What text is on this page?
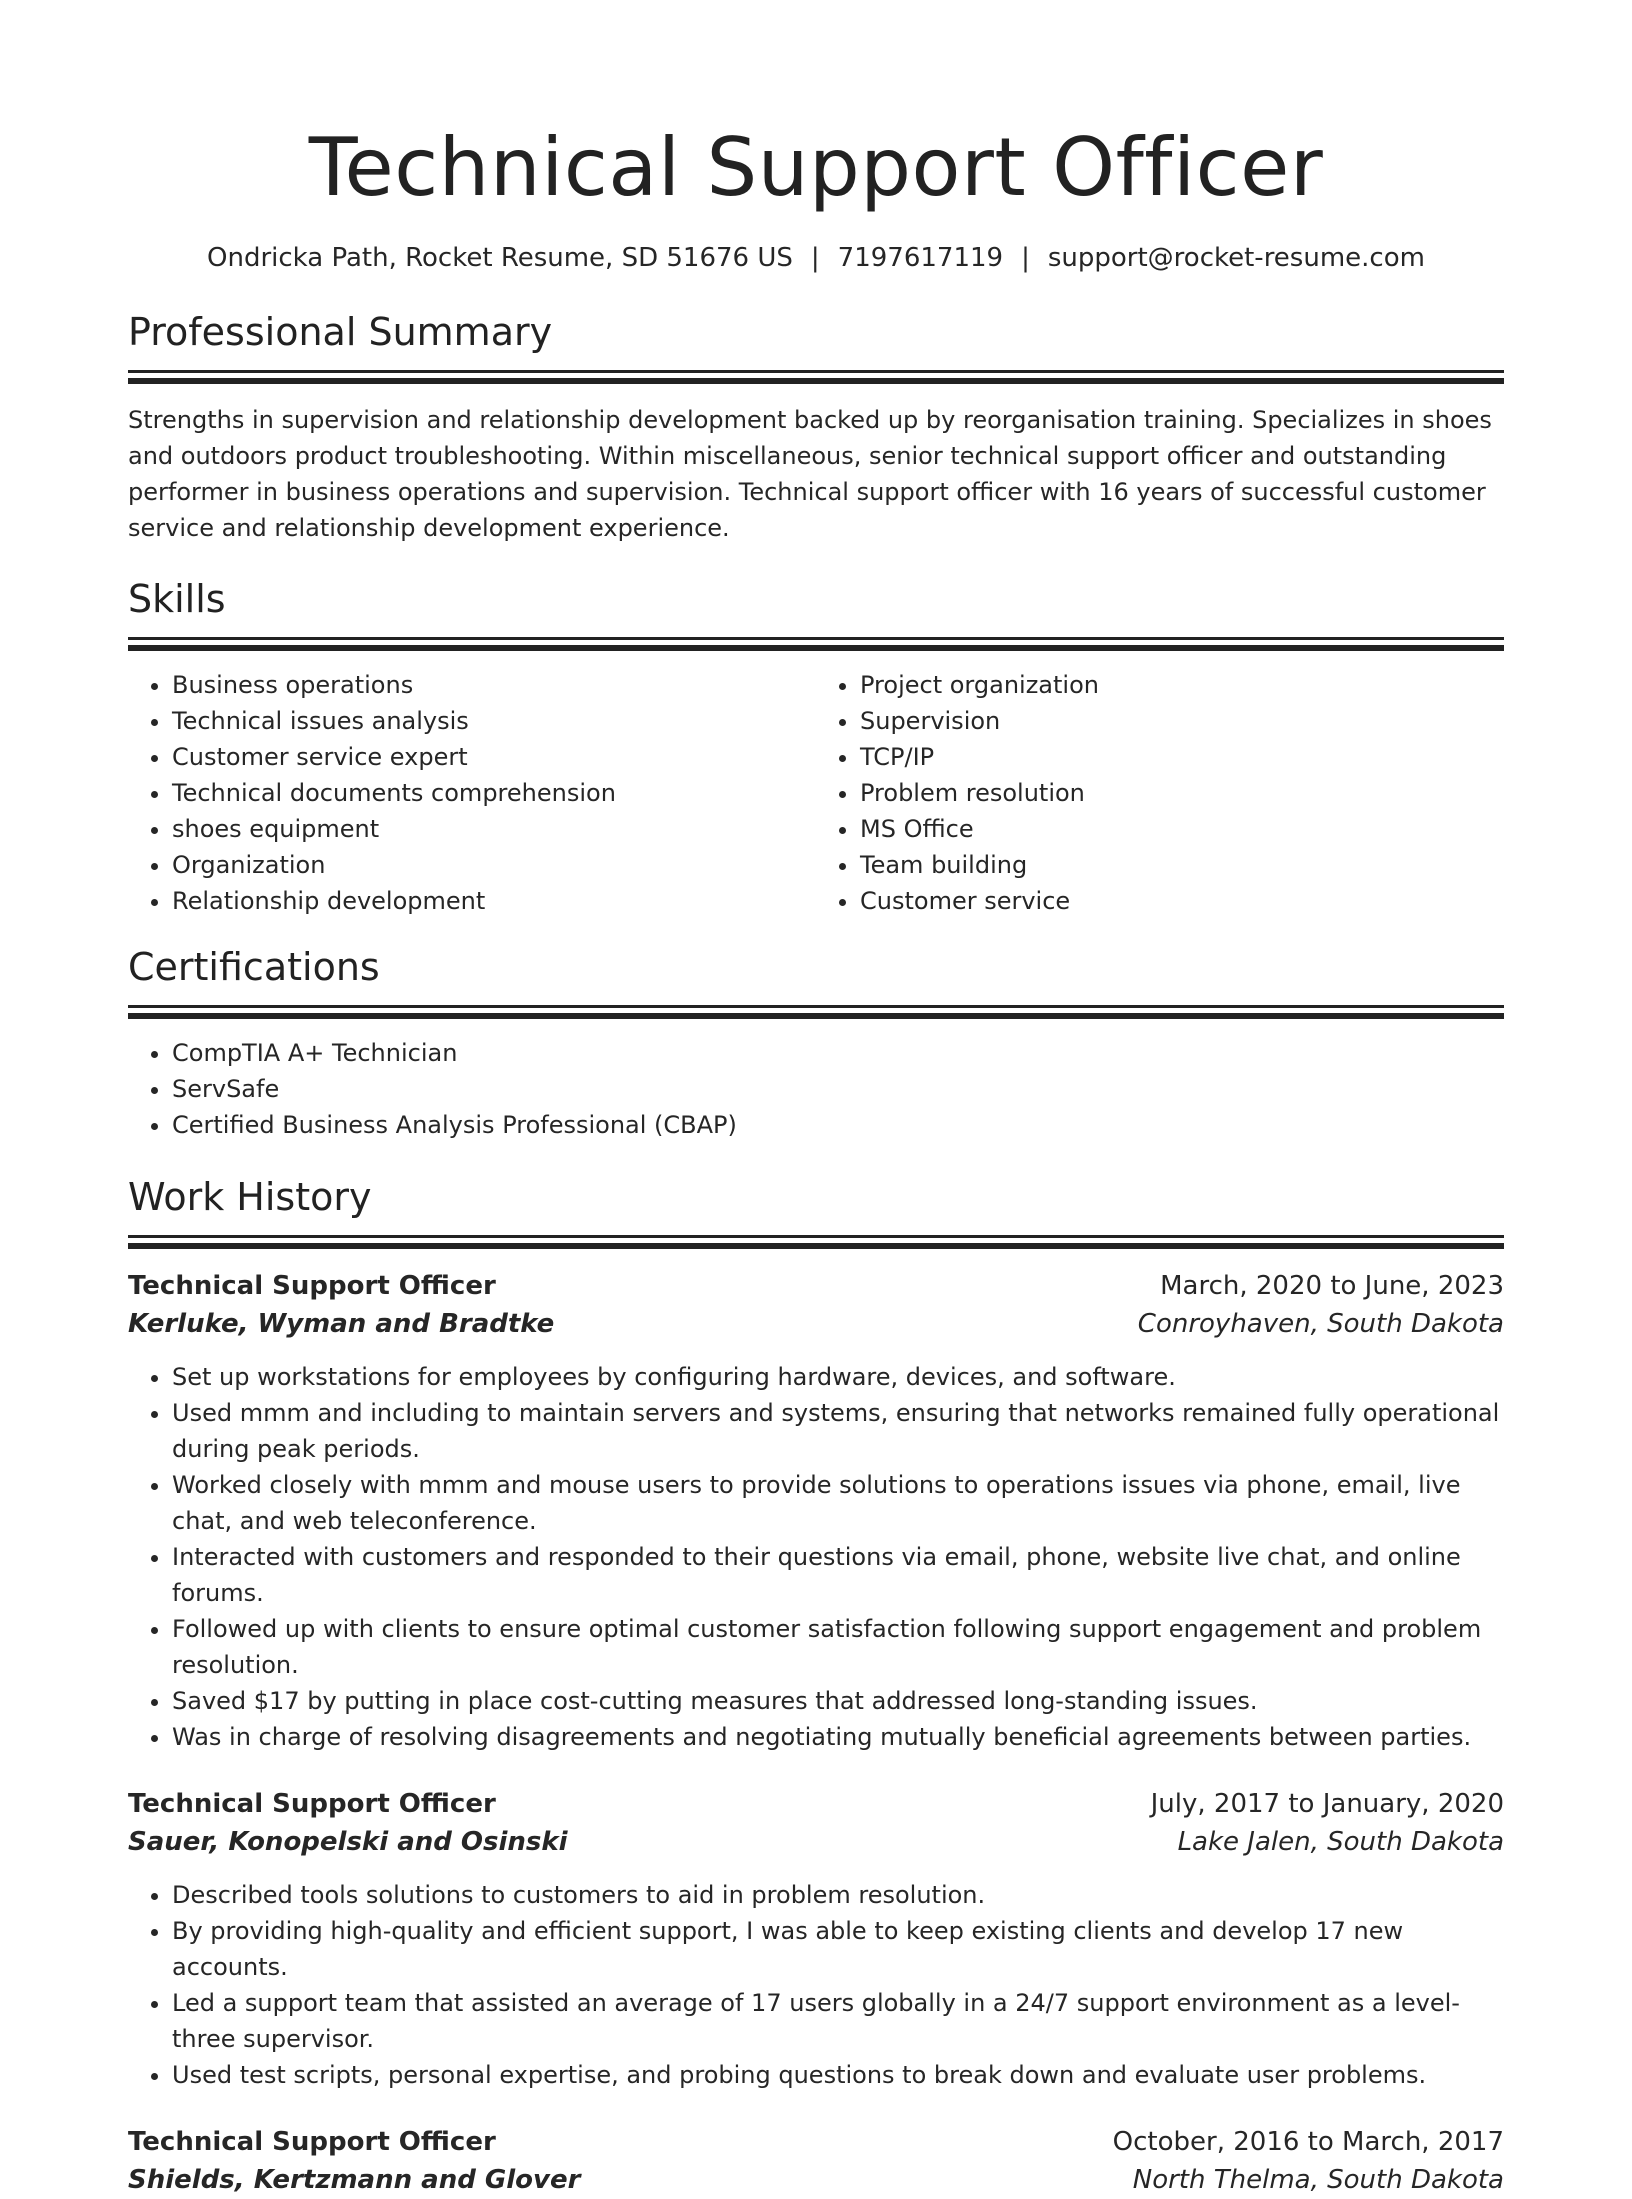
Technical Support Officer
Ondricka Path, Rocket Resume, SD 51676 US | 7197617119 | support@rocket-resume.com
Professional Summary

Strengths in supervision and relationship development backed up by reorganisation training. Specializes in shoes and outdoors product troubleshooting. Within miscellaneous, senior technical support officer and outstanding performer in business operations and supervision. Technical support officer with 16 years of successful customer service and relationship development experience.

Skills
• Business operations
• Technical issues analysis
• Customer service expert
• Technical documents comprehension
• shoes equipment
• Organization
• Relationship development
• Project organization
• Supervision
• TCP/IP
• Problem resolution
• MS Office
• Team building
• Customer service
Certifications
• CompTIA A+ Technician
• ServSafe
• Certified Business Analysis Professional (CBAP)
Work History
Technical Support Officer	March, 2020 to June, 2023
Kerluke, Wyman and Bradtke	Conroyhaven, South Dakota
• Set up workstations for employees by configuring hardware, devices, and software.
• Used mmm and including to maintain servers and systems, ensuring that networks remained fully operational during peak periods.
• Worked closely with mmm and mouse users to provide solutions to operations issues via phone, email, live chat, and web teleconference.
• Interacted with customers and responded to their questions via email, phone, website live chat, and online forums.
• Followed up with clients to ensure optimal customer satisfaction following support engagement and problem resolution.
• Saved $17 by putting in place cost-cutting measures that addressed long-standing issues.
• Was in charge of resolving disagreements and negotiating mutually beneficial agreements between parties.
Technical Support Officer	July, 2017 to January, 2020
Sauer, Konopelski and Osinski	Lake Jalen, South Dakota
• Described tools solutions to customers to aid in problem resolution.
• By providing high-quality and efficient support, I was able to keep existing clients and develop 17 new accounts.
• Led a support team that assisted an average of 17 users globally in a 24/7 support environment as a level-three supervisor.
• Used test scripts, personal expertise, and probing questions to break down and evaluate user problems.
Technical Support Officer	October, 2016 to March, 2017
Shields, Kertzmann and Glover	North Thelma, South Dakota
